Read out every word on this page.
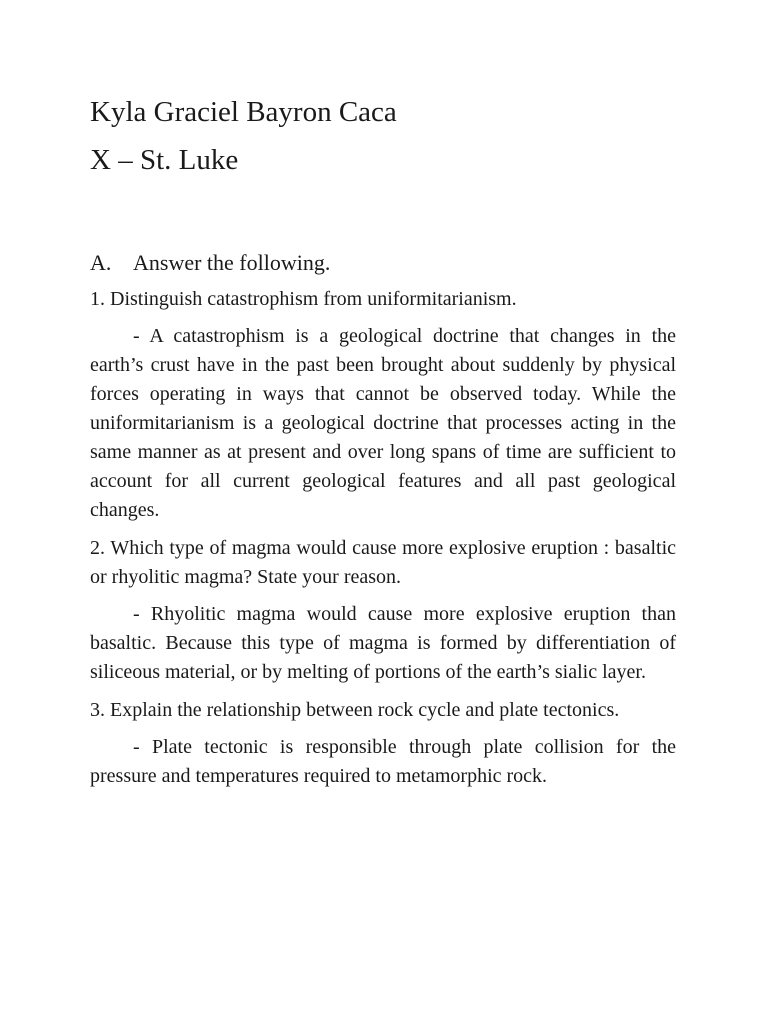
Kyla Graciel Bayron Caca
X – St. Luke
A. Answer the following.

1. Distinguish catastrophism from uniformitarianism.

- A catastrophism is a geological doctrine that changes in the earth’s crust have in the past been brought about suddenly by physical forces operating in ways that cannot be observed today. While the uniformitarianism is a geological doctrine that processes acting in the same manner as at present and over long spans of time are sufficient to account for all current geological features and all past geological changes.

2. Which type of magma would cause more explosive eruption : basaltic or rhyolitic magma? State your reason.

- Rhyolitic magma would cause more explosive eruption than basaltic. Because this type of magma is formed by differentiation of siliceous material, or by melting of portions of the earth’s sialic layer.

3. Explain the relationship between rock cycle and plate tectonics.

- Plate tectonic is responsible through plate collision for the pressure and temperatures required to metamorphic rock.
